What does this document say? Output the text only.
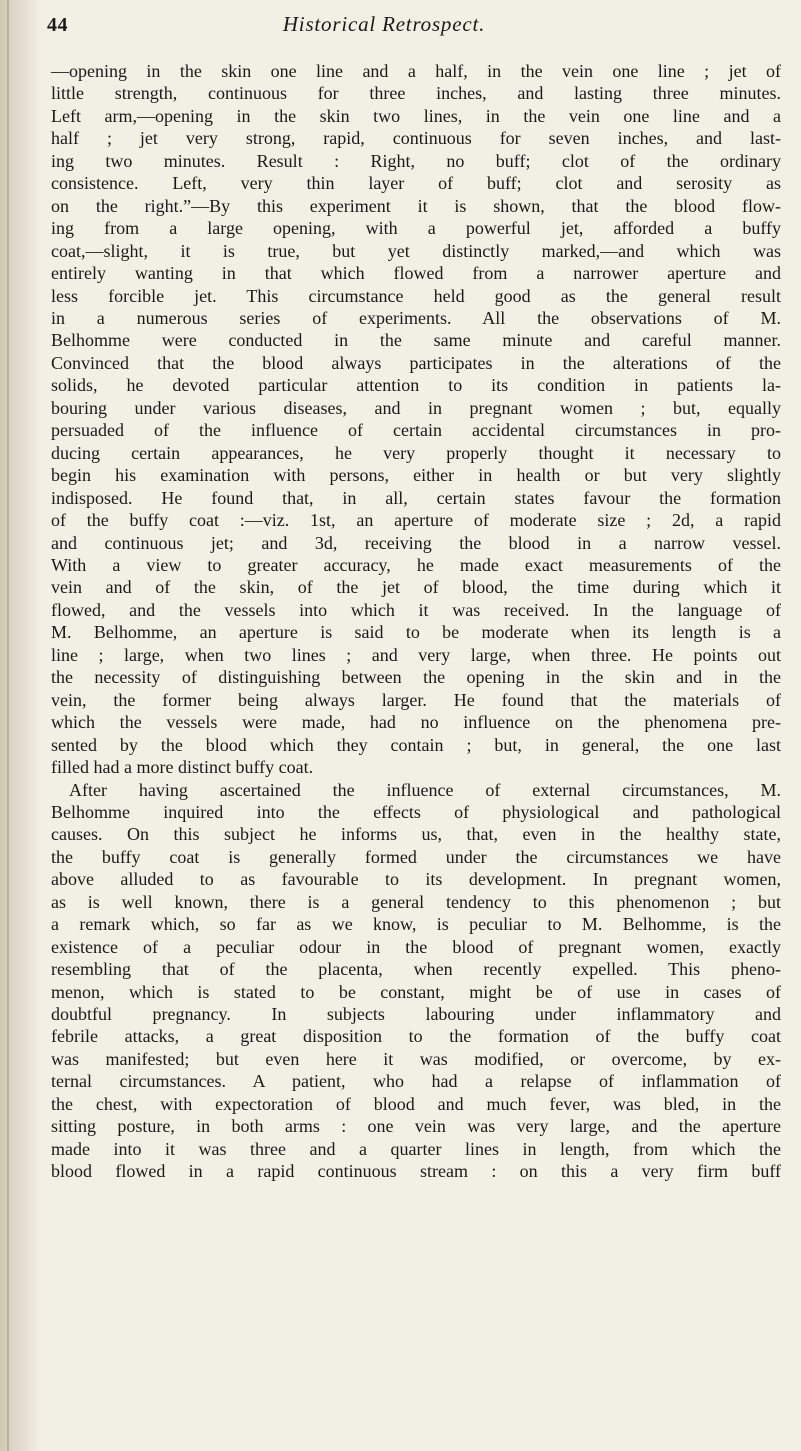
44	Historical Retrospect.

—opening in the skin one line and a half, in the vein one line ; jet of

little strength, continuous for three inches, and lasting three minutes.

Left arm,—opening in the skin two lines, in the vein one line and a

half ; jet very strong, rapid, continuous for seven inches, and last-

ing two minutes. Result : Right, no buff; clot of the ordinary

consistence. Left, very thin layer of buff; clot and serosity as

on the right.”—By this experiment it is shown, that the blood flow-

ing from a large opening, with a powerful jet, afforded a buffy

coat,—slight, it is true, but yet distinctly marked,—and which was

entirely wanting in that which flowed from a narrower aperture and

less forcible jet. This circumstance held good as the general result

in a numerous series of experiments. All the observations of M.

Belhomme were conducted in the same minute and careful manner.

Convinced that the blood always participates in the alterations of the

solids, he devoted particular attention to its condition in patients la-

bouring under various diseases, and in pregnant women ; but, equally

persuaded of the influence of certain accidental circumstances in pro-

ducing certain appearances, he very properly thought it necessary to

begin his examination with persons, either in health or but very slightly

indisposed. He found that, in all, certain states favour the formation

of the buffy coat :—viz. 1st, an aperture of moderate size ; 2d, a rapid

and continuous jet; and 3d, receiving the blood in a narrow vessel.

With a view to greater accuracy, he made exact measurements of the

vein and of the skin, of the jet of blood, the time during which it

flowed, and the vessels into which it was received. In the language of

M. Belhomme, an aperture is said to be moderate when its length is a

line ; large, when two lines ; and very large, when three. He points out

the necessity of distinguishing between the opening in the skin and in the

vein, the former being always larger. He found that the materials of

which the vessels were made, had no influence on the phenomena pre-

sented by the blood which they contain ; but, in general, the one last

filled had a more distinct buffy coat.

After having ascertained the influence of external circumstances, M.

Belhomme inquired into the effects of physiological and pathological

causes. On this subject he informs us, that, even in the healthy state,

the buffy coat is generally formed under the circumstances we have

above alluded to as favourable to its development. In pregnant women,

as is well known, there is a general tendency to this phenomenon ; but

a remark which, so far as we know, is peculiar to M. Belhomme, is the

existence of a peculiar odour in the blood of pregnant women, exactly

resembling that of the placenta, when recently expelled. This pheno-

menon, which is stated to be constant, might be of use in cases of

doubtful pregnancy. In subjects labouring under inflammatory and

febrile attacks, a great disposition to the formation of the buffy coat

was manifested; but even here it was modified, or overcome, by ex-

ternal circumstances. A patient, who had a relapse of inflammation of

the chest, with expectoration of blood and much fever, was bled, in the

sitting posture, in both arms : one vein was very large, and the aperture

made into it was three and a quarter lines in length, from which the

blood flowed in a rapid continuous stream : on this a very firm buff
